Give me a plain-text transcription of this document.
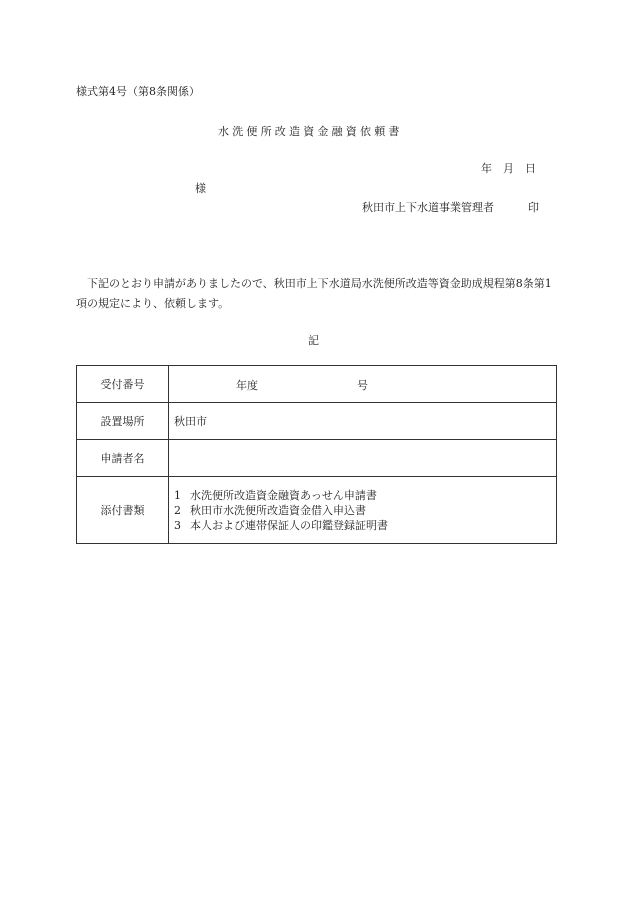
様式第4号（第8条関係）
水洗便所改造資金融資依頼書
年　月　日
様
秋田市上下水道事業管理者	印
下記のとおり申請がありましたので、秋田市上下水道局水洗便所改造等資金助成規程第8条第1項の規定により、依頼します。
記
受付番号	年度 号

設置場所	秋田市
申請者名	
添付書類	1 水洗便所改造資金融資あっせん申請書
2 秋田市水洗便所改造資金借入申込書
3 本人および連帯保証人の印鑑登録証明書
